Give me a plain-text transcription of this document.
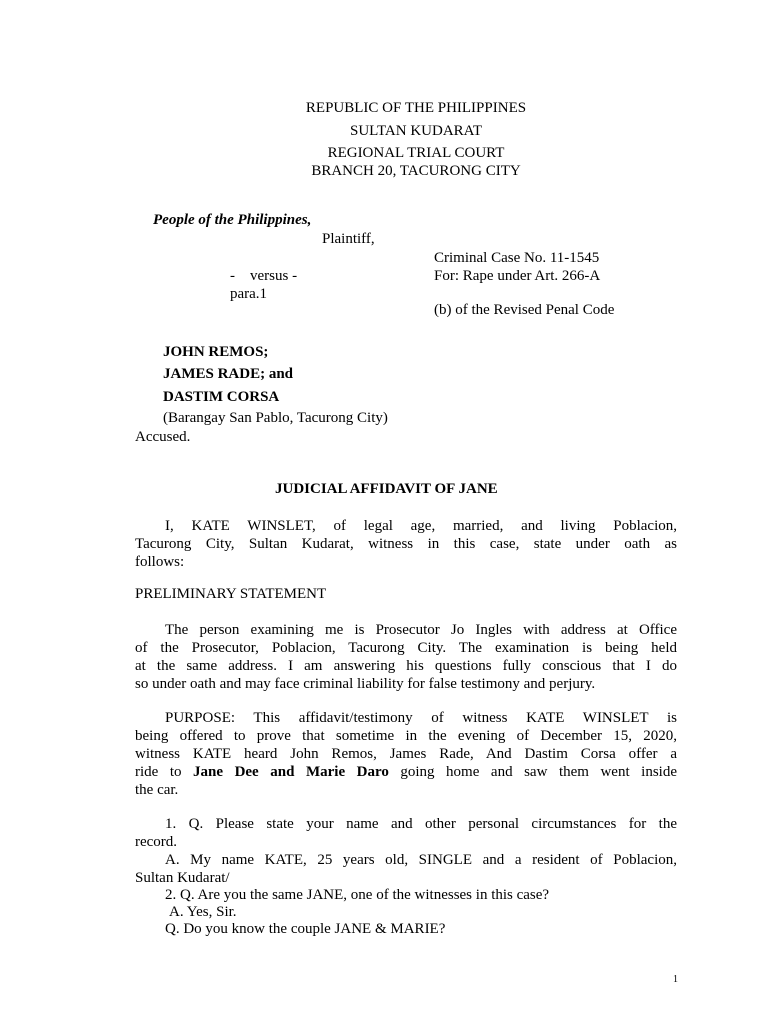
REPUBLIC OF THE PHILIPPINES
SULTAN KUDARAT
REGIONAL TRIAL COURT
BRANCH 20, TACURONG CITY
People of the Philippines,
Plaintiff,
-    versus -
para.1
Criminal Case No. 11-1545
For: Rape under Art. 266-A
(b) of the Revised Penal Code
JOHN REMOS;
JAMES RADE; and
DASTIM CORSA
(Barangay San Pablo, Tacurong City)
Accused.
JUDICIAL AFFIDAVIT OF JANE
I, KATE WINSLET, of legal age, married, and living Poblacion,
Tacurong City, Sultan Kudarat, witness in this case, state under oath as
follows:
PRELIMINARY STATEMENT
The person examining me is Prosecutor Jo Ingles with address at Office
of the Prosecutor, Poblacion, Tacurong City. The examination is being held
at the same address. I am answering his questions fully conscious that I do
so under oath and may face criminal liability for false testimony and perjury.
PURPOSE: This affidavit/testimony of witness KATE WINSLET is
being offered to prove that sometime in the evening of December 15, 2020,
witness KATE heard John Remos, James Rade, And Dastim Corsa offer a
ride to Jane Dee and Marie Daro going home and saw them went inside
the car.
1. Q. Please state your name and other personal circumstances for the
record.
A. My name KATE, 25 years old, SINGLE and a resident of Poblacion,
Sultan Kudarat/
2. Q. Are you the same JANE, one of the witnesses in this case?
A. Yes, Sir.
Q. Do you know the couple JANE & MARIE?
1
